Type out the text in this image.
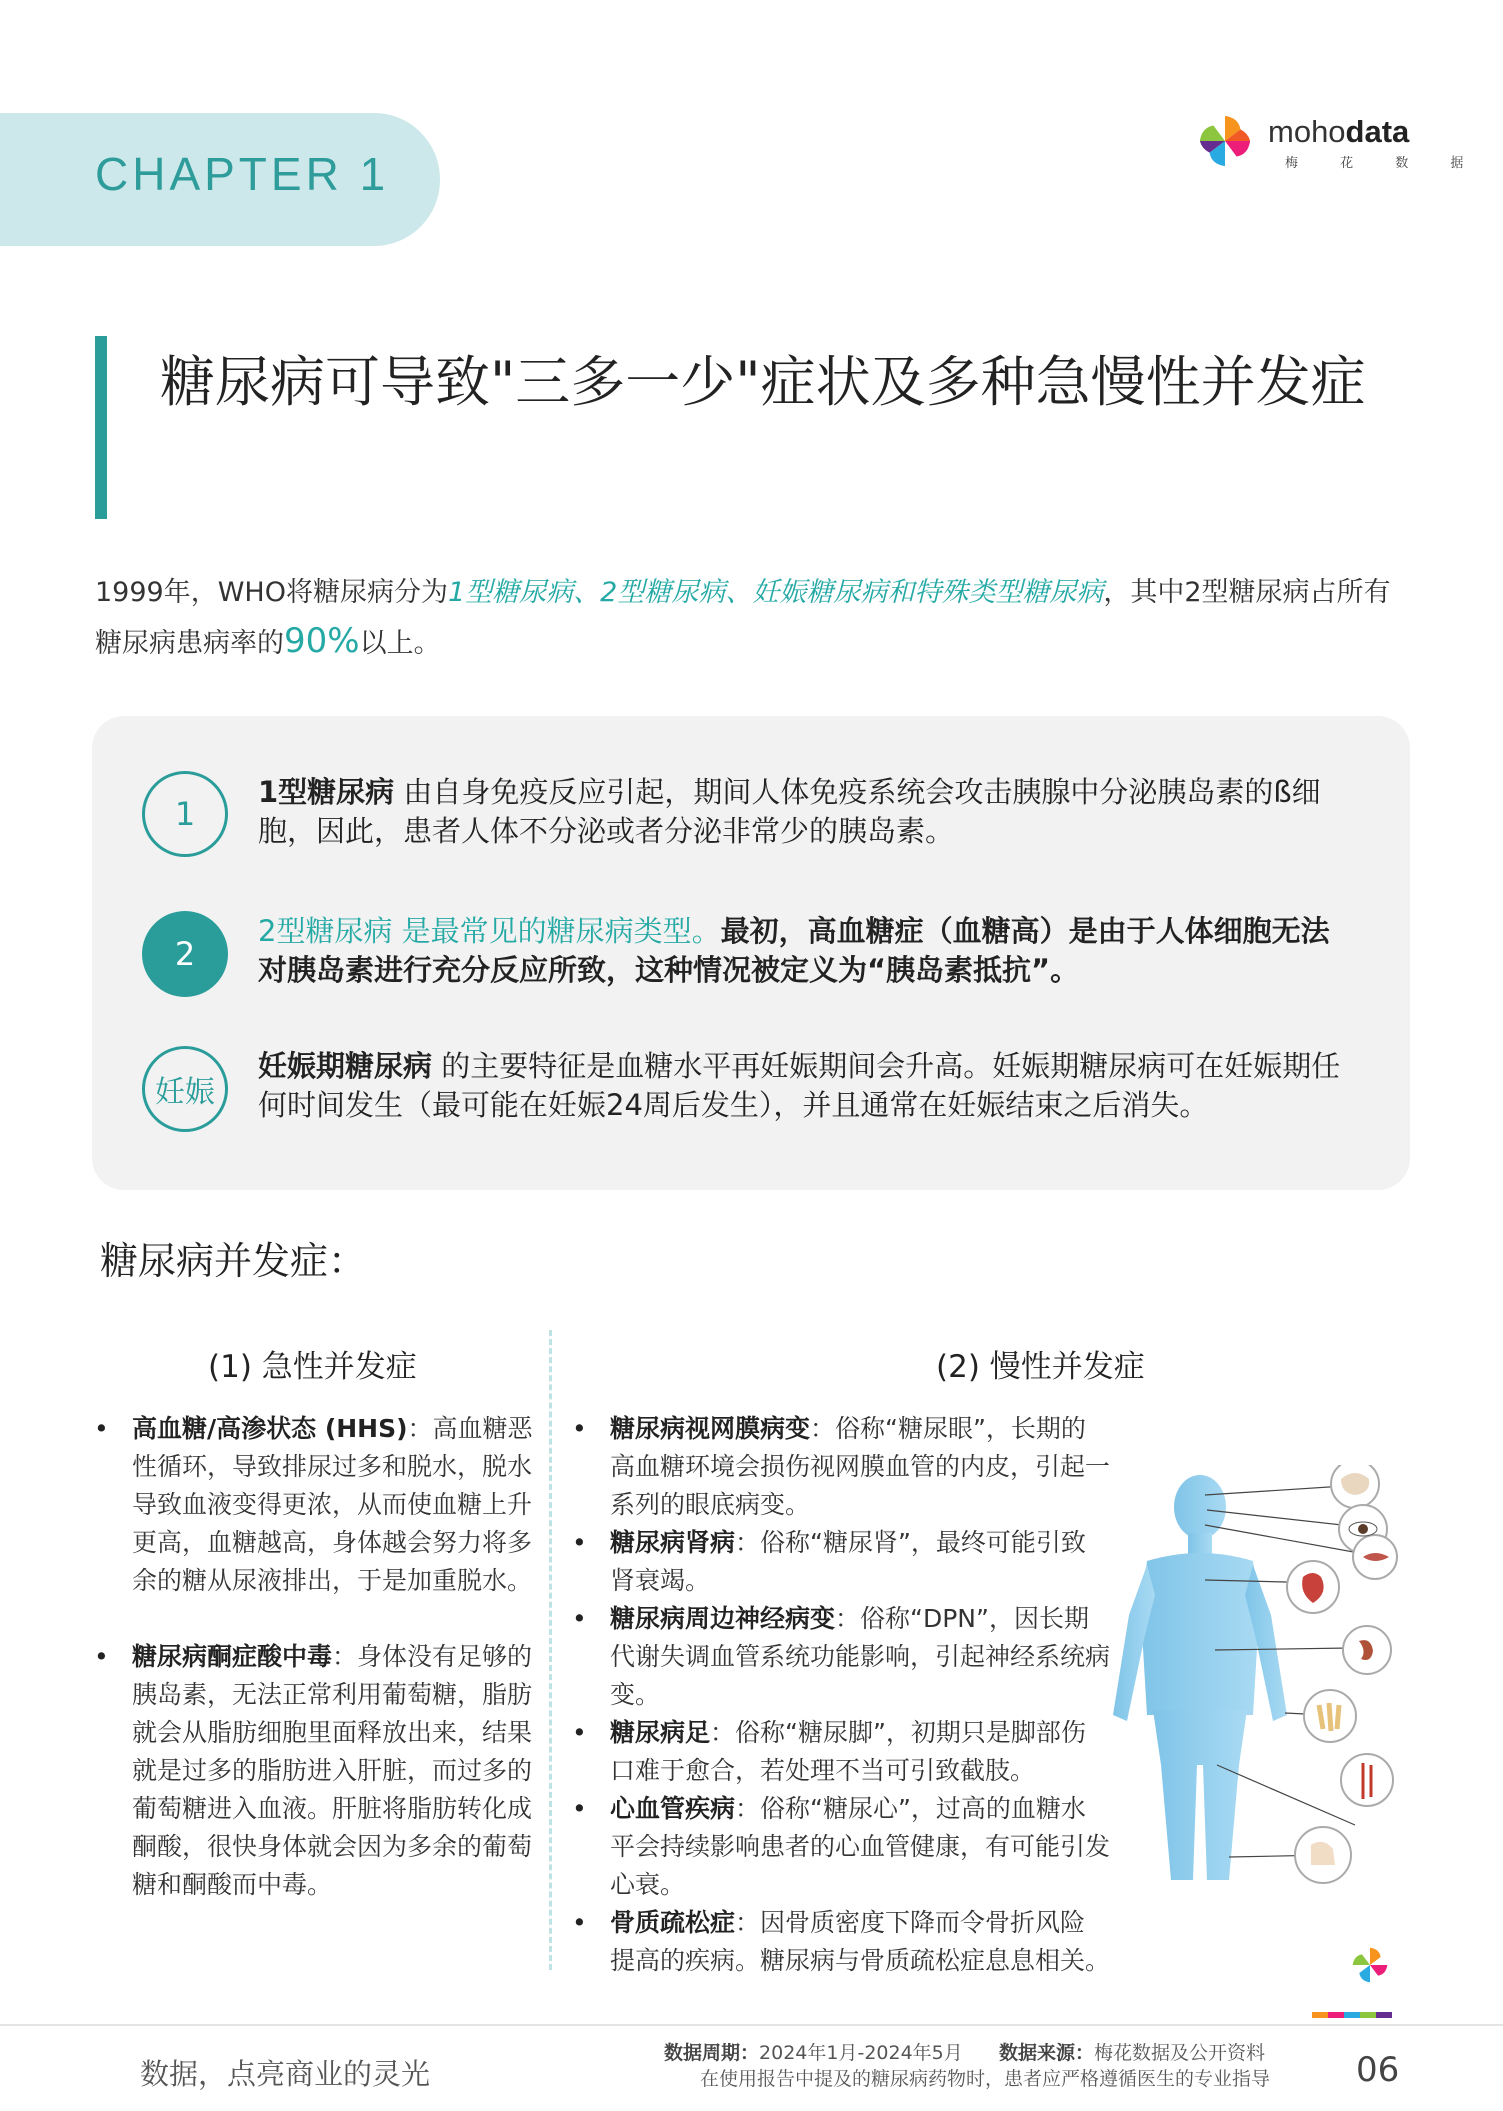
CHAPTER 1
mohodata
梅 花 数 据
糖尿病可导致"三多一少"症状及多种急慢性并发症
1999年，WHO将糖尿病分为1型糖尿病、2型糖尿病、妊娠糖尿病和特殊类型糖尿病，其中2型糖尿病占所有糖尿病患病率的90%以上。
1
1型糖尿病 由自身免疫反应引起，期间人体免疫系统会攻击胰腺中分泌胰岛素的ß细胞，因此，患者人体不分泌或者分泌非常少的胰岛素。
2
2型糖尿病 是最常见的糖尿病类型。最初，高血糖症（血糖高）是由于人体细胞无法对胰岛素进行充分反应所致，这种情况被定义为“胰岛素抵抗”。
妊娠
妊娠期糖尿病 的主要特征是血糖水平再妊娠期间会升高。妊娠期糖尿病可在妊娠期任何时间发生（最可能在妊娠24周后发生），并且通常在妊娠结束之后消失。
糖尿病并发症：
(1) 急性并发症
• 高血糖/高渗状态 (HHS)：高血糖恶性循环，导致排尿过多和脱水，脱水导致血液变得更浓，从而使血糖上升更高，血糖越高，身体越会努力将多余的糖从尿液排出，于是加重脱水。
• 糖尿病酮症酸中毒：身体没有足够的胰岛素，无法正常利用葡萄糖，脂肪就会从脂肪细胞里面释放出来，结果就是过多的脂肪进入肝脏，而过多的葡萄糖进入血液。肝脏将脂肪转化成酮酸，很快身体就会因为多余的葡萄糖和酮酸而中毒。
(2) 慢性并发症
• 糖尿病视网膜病变：俗称“糖尿眼”，长期的高血糖环境会损伤视网膜血管的内皮，引起一系列的眼底病变。
• 糖尿病肾病：俗称“糖尿肾”，最终可能引致肾衰竭。
• 糖尿病周边神经病变：俗称“DPN”，因长期代谢失调血管系统功能影响，引起神经系统病变。
• 糖尿病足：俗称“糖尿脚”，初期只是脚部伤口难于愈合，若处理不当可引致截肢。
• 心血管疾病：俗称“糖尿心”，过高的血糖水平会持续影响患者的心血管健康，有可能引发心衰。
• 骨质疏松症：因骨质密度下降而令骨折风险提高的疾病。糖尿病与骨质疏松症息息相关。
数据，点亮商业的灵光
数据周期：2024年1月-2024年5月 数据来源：梅花数据及公开资料
在使用报告中提及的糖尿病药物时，患者应严格遵循医生的专业指导	06
